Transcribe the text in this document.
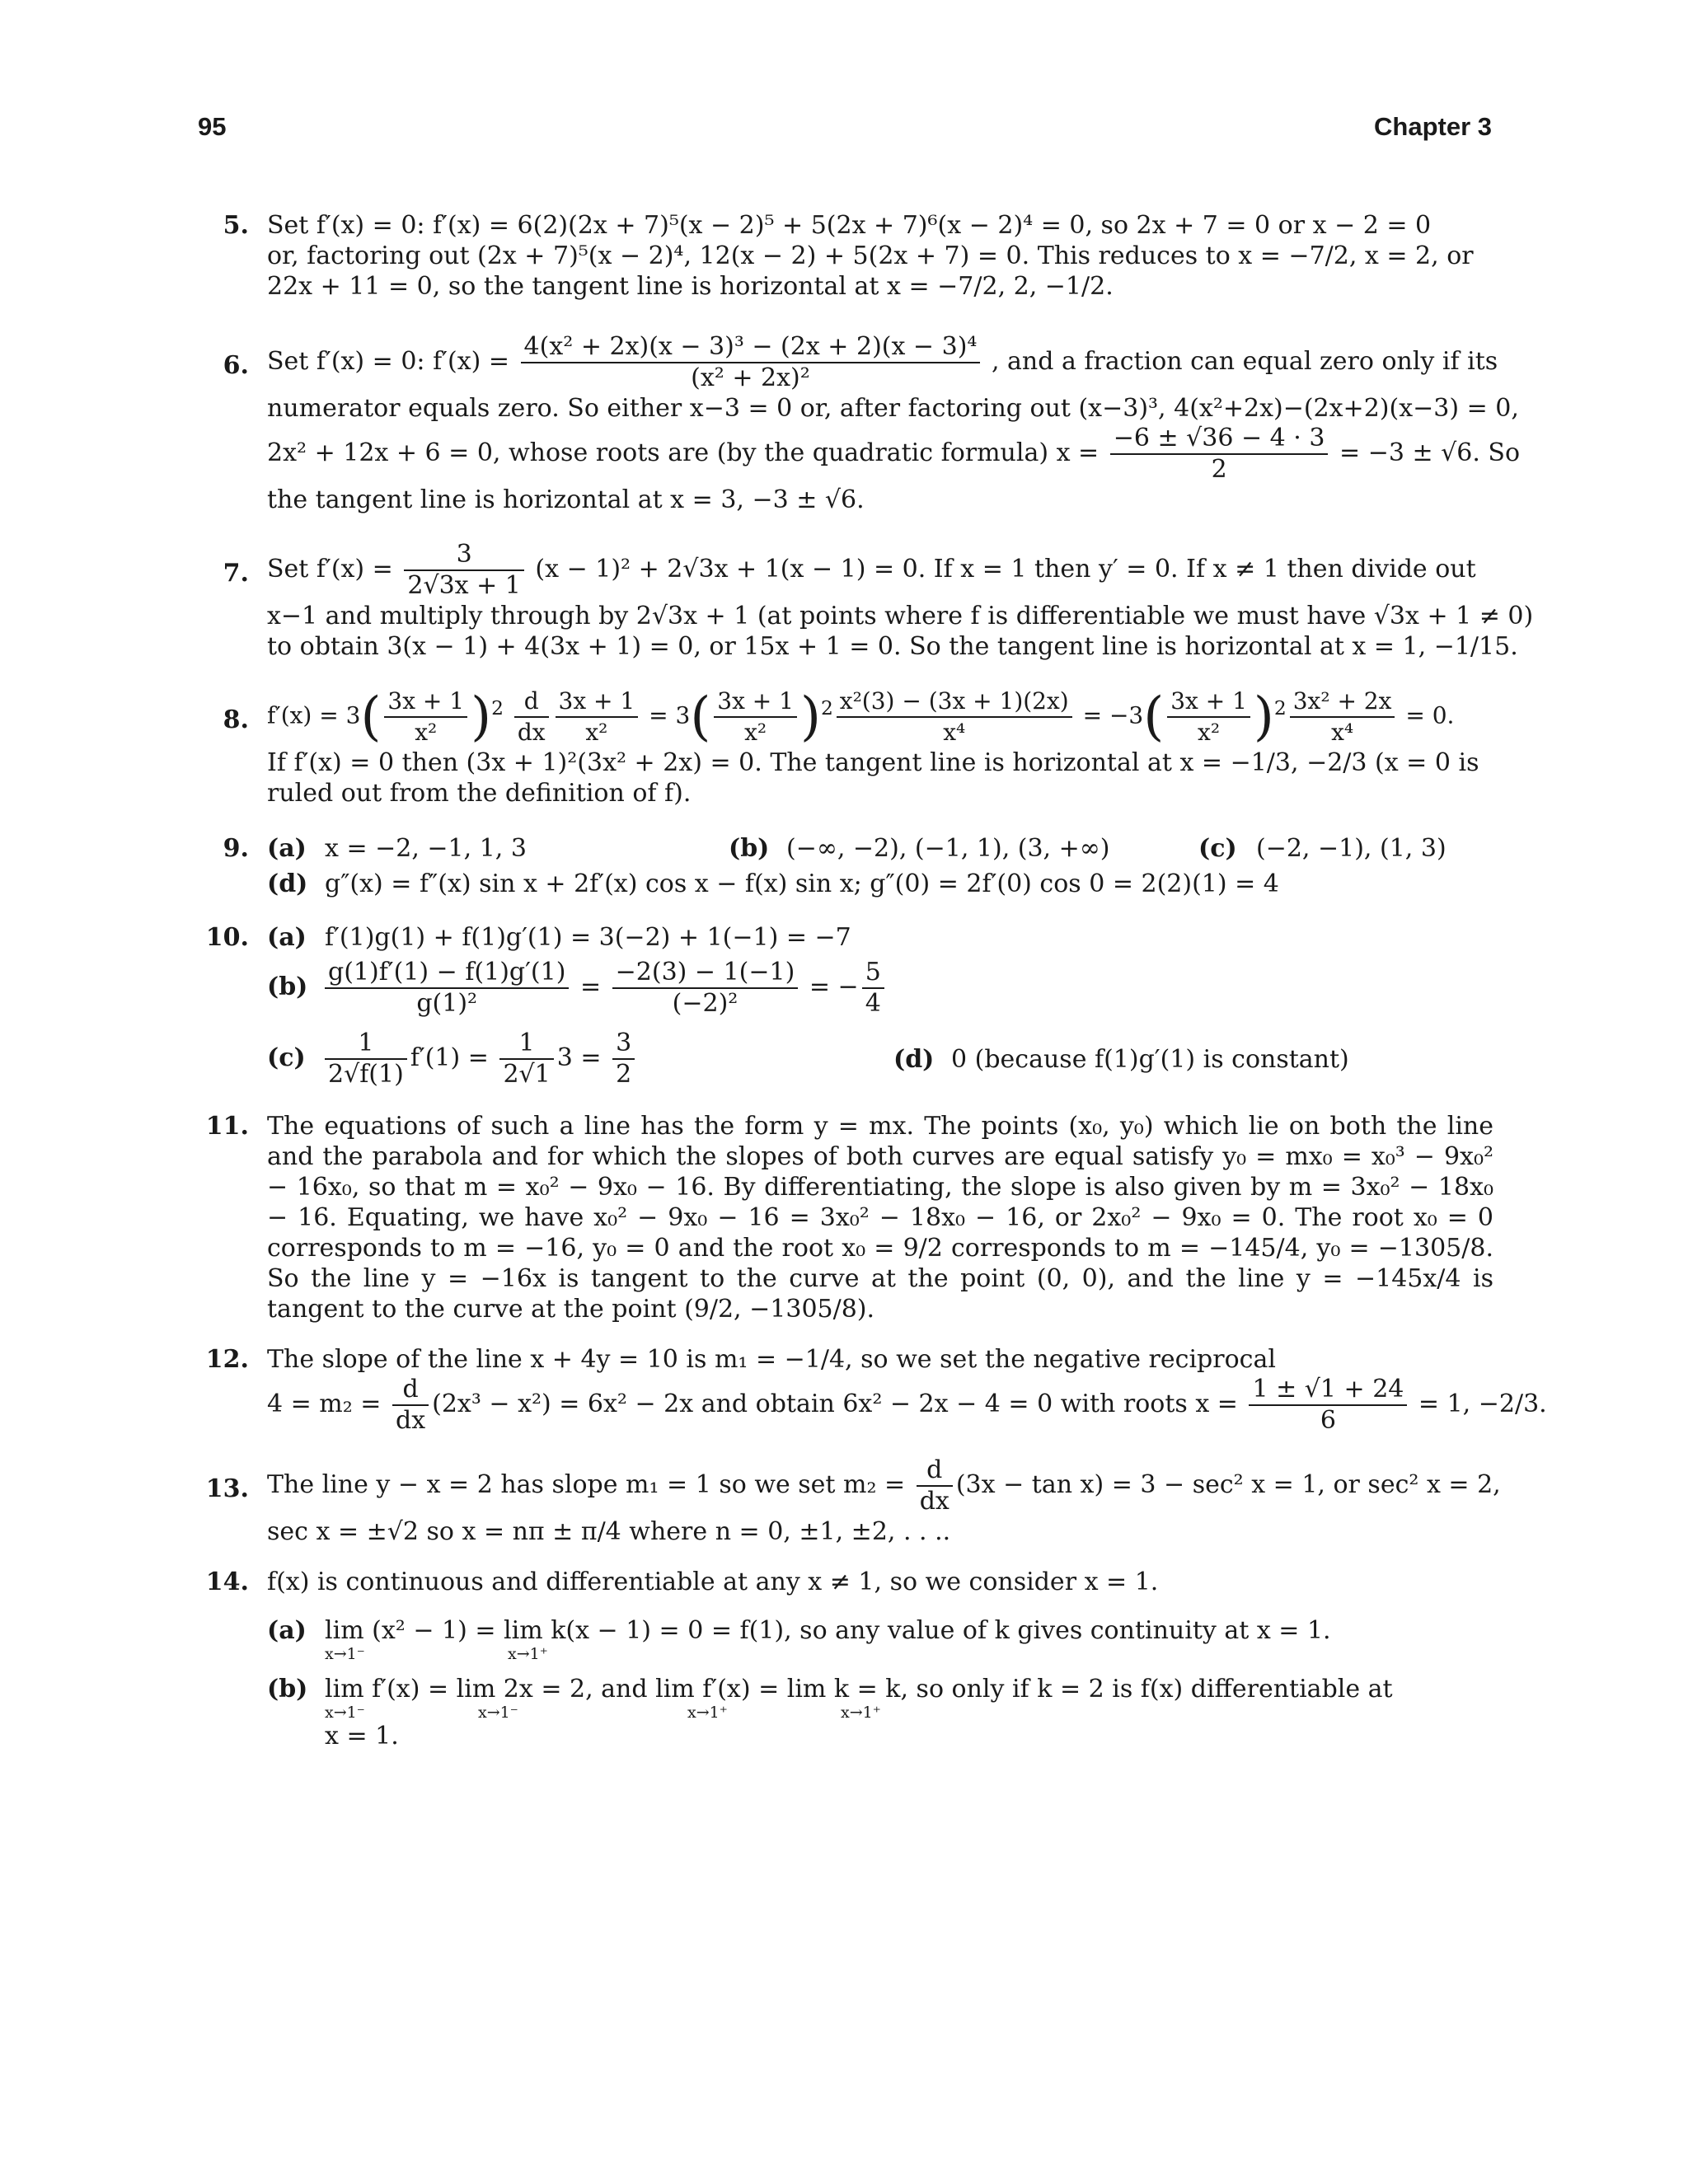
95	Chapter 3
5. Set f′(x) = 0: f′(x) = 6(2)(2x + 7)⁵(x − 2)⁵ + 5(2x + 7)⁶(x − 2)⁴ = 0, so 2x + 7 = 0 or x − 2 = 0
or, factoring out (2x + 7)⁵(x − 2)⁴, 12(x − 2) + 5(2x + 7) = 0. This reduces to x = −7/2, x = 2, or
22x + 11 = 0, so the tangent line is horizontal at x = −7/2, 2, −1/2.
6. Set f′(x) = 0: $f'(x) = \frac{\text{4(x² + 2x)(x − 3)³ − (2x + 2)(x − 3)⁴}}{\text{(x² + 2x)²}}$ , and a fraction can equal zero only if its
numerator equals zero. So either x−3 = 0 or, after factoring out (x−3)³, 4(x²+2x)−(2x+2)(x−3) = 0,
2x² + 12x + 6 = 0, whose roots are (by the quadratic formula) $x = \frac{-6 \pm √36 - 4 \cdot 3}{2} = -3 \pm √6$. So
the tangent line is horizontal at x = 3, −3 ± √6.
7. Set $f'(x) = \frac{3}{2√3x + 1} (x - 1)^2 + 2√3x + 1(x - 1) = 0$. If x = 1 then y′ = 0. If x ≠ 1 then divide out
x−1 and multiply through by 2√3x + 1 (at points where f is differentiable we must have √3x + 1 ≠ 0)
to obtain 3(x − 1) + 4(3x + 1) = 0, or 15x + 1 = 0. So the tangent line is horizontal at x = 1, −1/15.
8. $f'(x) = 3( \frac{3x + 1}{\text{x²}} )^2 \frac{d}{dx} \frac{3x + 1}{\text{x²}} = 3( \frac{3x + 1}{\text{x²}} )^2 \frac{\text{x²(3) − (3x + 1)(2x)}}{\text{x⁴}} = -3( \frac{3x + 1}{\text{x²}} )^2 \frac{\text{3x² + 2x}}{\text{x⁴}} = 0$.
If f′(x) = 0 then (3x + 1)²(3x² + 2x) = 0. The tangent line is horizontal at x = −1/3, −2/3 (x = 0 is
ruled out from the definition of f).
9. (a) x = −2, −1, 1, 3	(b) (−∞, −2), (−1, 1), (3, +∞)	(c) (−2, −1), (1, 3)
(d) g″(x) = f″(x) sin x + 2f′(x) cos x − f(x) sin x; g″(0) = 2f′(0) cos 0 = 2(2)(1) = 4
10. (a) f′(1)g(1) + f(1)g′(1) = 3(−2) + 1(−1) = −7
$(b) \frac{g(1)f'(1) - f(1)g'(1)}{\text{g(1)²}} = \frac{-2(3) - 1(-1)}{\text{(−2)²}}$ = − $\frac{5}{4}$
$(c) \frac{1}{2√f(1)} f'(1) = \frac{1}{2√1} 3 = \frac{3}{2}$	(d) 0 (because f(1)g′(1) is constant)
11. The equations of such a line has the form y = mx. The points (x₀, y₀) which lie on both the line and the parabola and for which the slopes of both curves are equal satisfy y₀ = mx₀ = x₀³ − 9x₀² − 16x₀, so that m = x₀² − 9x₀ − 16. By differentiating, the slope is also given by m = 3x₀² − 18x₀ − 16. Equating, we have x₀² − 9x₀ − 16 = 3x₀² − 18x₀ − 16, or 2x₀² − 9x₀ = 0. The root x₀ = 0 corresponds to m = −16, y₀ = 0 and the root x₀ = 9/2 corresponds to m = −145/4, y₀ = −1305/8. So the line y = −16x is tangent to the curve at the point (0, 0), and the line y = −145x/4 is tangent to the curve at the point (9/2, −1305/8).
12. The slope of the line x + 4y = 10 is m₁ = −1/4, so we set the negative reciprocal
$4 = m_2 = \frac{d}{dx} (2x^3 - x^2) = 6x^2 - 2x$ and obtain 6x² − 2x − 4 = 0 with roots $x = \frac{1 \pm √1 + 24}{6} = 1$, −2/3.
13. The line y − x = 2 has slope m₁ = 1 so we set $m_2 = \frac{d}{dx} (3x - \tan x) = 3 - \sec^2$ x = 1, or sec² x = 2,
sec x = ±√2 so x = nπ ± π/4 where n = 0, ±1, ±2, . . ..
14. f(x) is continuous and differentiable at any x ≠ 1, so we consider x = 1.
(a) lim (x² − 1) = lim k(x − 1) = 0 = f(1), so any value of k gives continuity at x = 1.
x→1⁻	x→1⁺
(b) lim f′(x) = lim 2x = 2, and lim f′(x) = lim k = k, so only if k = 2 is f(x) differentiable at
x→1⁻	x→1⁻	x→1⁺	x→1⁺
x = 1.
